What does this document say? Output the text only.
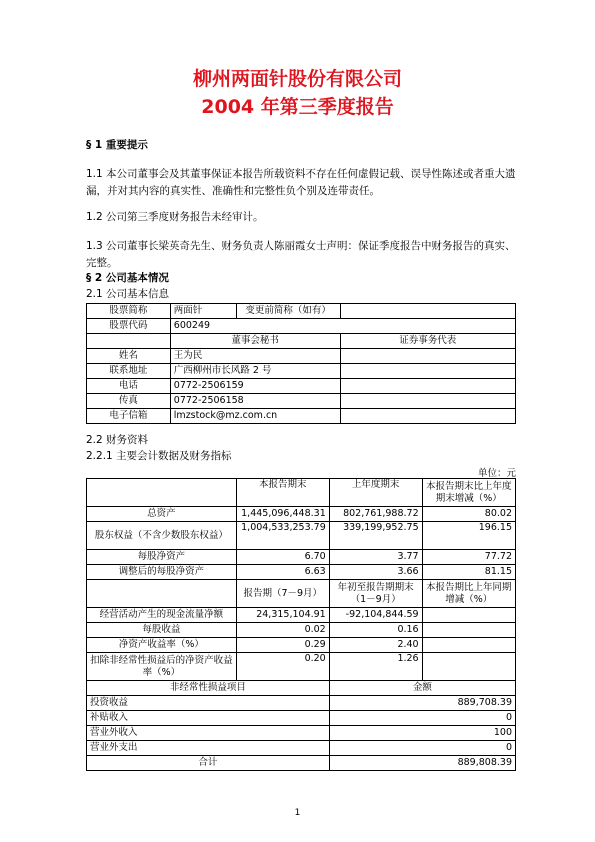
柳州两面针股份有限公司
2004 年第三季度报告
§ 1 重要提示
1.1 本公司董事会及其董事保证本报告所载资料不存在任何虚假记载、误导性陈述或者重大遗漏，并对其内容的真实性、准确性和完整性负个别及连带责任。
1.2 公司第三季度财务报告未经审计。
1.3 公司董事长梁英奇先生、财务负责人陈丽霞女士声明：保证季度报告中财务报告的真实、完整。
§ 2 公司基本情况
2.1 公司基本信息
股票简称	两面针	变更前简称（如有）	
股票代码	600249		
	董事会秘书		证券事务代表
姓名	王为民		
联系地址	广西柳州市长风路 2 号		
电话	0772-2506159		
传真	0772-2506158		
电子信箱	lmzstock@mz.com.cn		
2.2 财务资料
2.2.1 主要会计数据及财务指标
单位：元
	本报告期末	上年度期末	本报告期末比上年度期末增减（%）
总资产	1,445,096,448.31	802,761,988.72	80.02
股东权益（不含少数股东权益）	1,004,533,253.79	339,199,952.75	196.15
每股净资产	6.70	3.77	77.72
调整后的每股净资产	6.63	3.66	81.15
	报告期（7－9月）	年初至报告期期末（1－9月）	本报告期比上年同期增减（%）
经营活动产生的现金流量净额	24,315,104.91	-92,104,844.59	
每股收益	0.02	0.16	
净资产收益率（%）	0.29	2.40	
扣除非经常性损益后的净资产收益率（%）	0.20	1.26	
非经常性损益项目		金额	
投资收益		889,708.39	
补贴收入		0	
营业外收入		100	
营业外支出		0	
合计		889,808.39	
1
